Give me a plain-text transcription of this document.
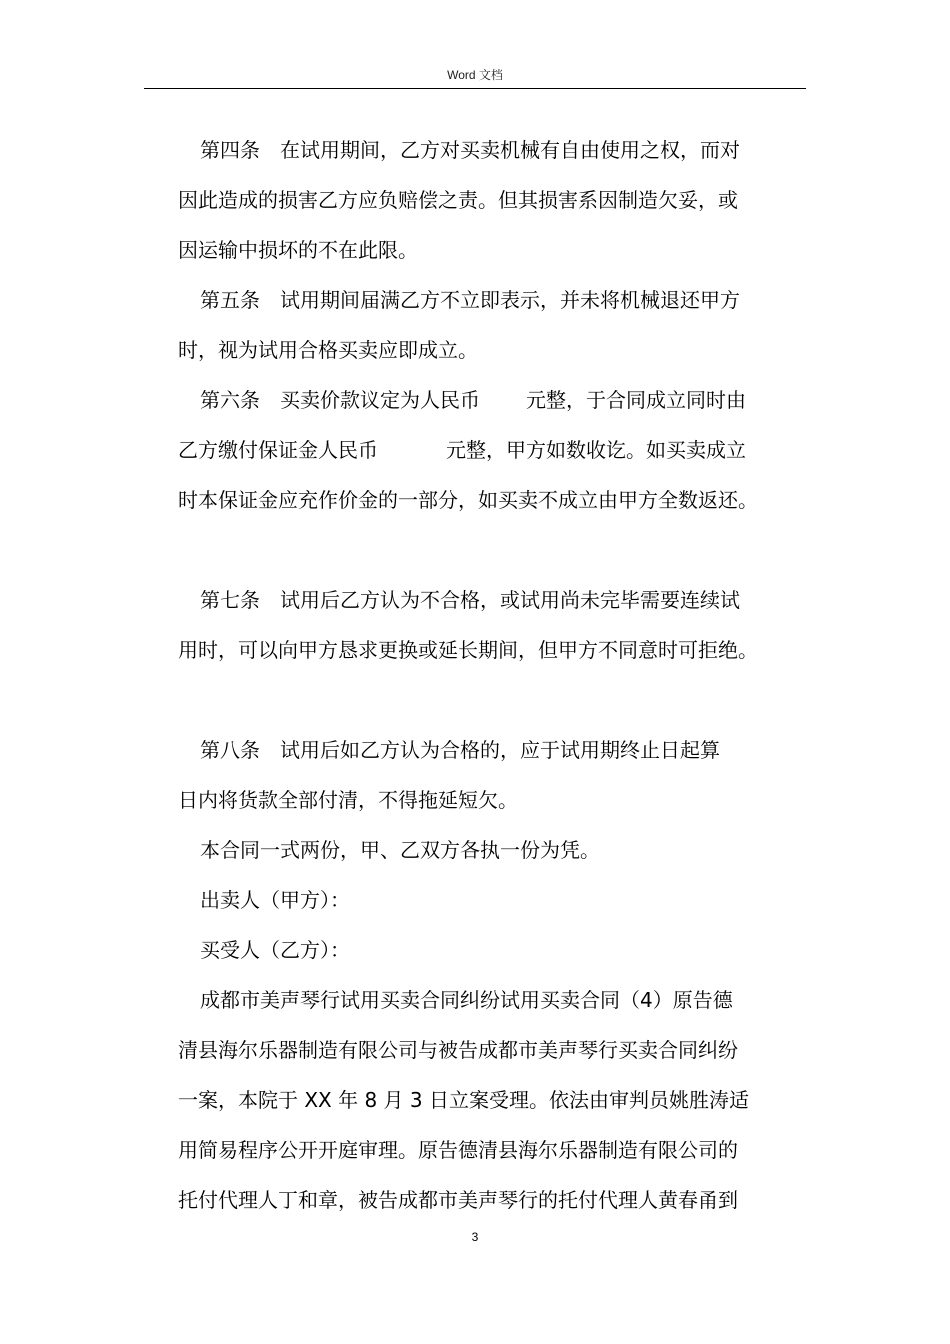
Word 文档
第四条　在试用期间，乙方对买卖机械有自由使用之权，而对
因此造成的损害乙方应负赔偿之责。但其损害系因制造欠妥，或
因运输中损坏的不在此限。
第五条　试用期间届满乙方不立即表示，并未将机械退还甲方
时，视为试用合格买卖应即成立。
第六条　买卖价款议定为人民币 元整，于合同成立同时由
乙方缴付保证金人民币	元整，甲方如数收讫。如买卖成立
时本保证金应充作价金的一部分，如买卖不成立由甲方全数返还。
第七条　试用后乙方认为不合格，或试用尚未完毕需要连续试
用时，可以向甲方恳求更换或延长期间，但甲方不同意时可拒绝。
第八条　试用后如乙方认为合格的，应于试用期终止日起算
日内将货款全部付清，不得拖延短欠。
本合同一式两份，甲、乙双方各执一份为凭。
出卖人（甲方）：
买受人（乙方）：
成都市美声琴行试用买卖合同纠纷试用买卖合同（4）原告德
清县海尔乐器制造有限公司与被告成都市美声琴行买卖合同纠纷
一案，本院于 XX 年 8 月 3 日立案受理。依法由审判员姚胜涛适
用简易程序公开开庭审理。原告德清县海尔乐器制造有限公司的
托付代理人丁和章，被告成都市美声琴行的托付代理人黄春甬到
3
